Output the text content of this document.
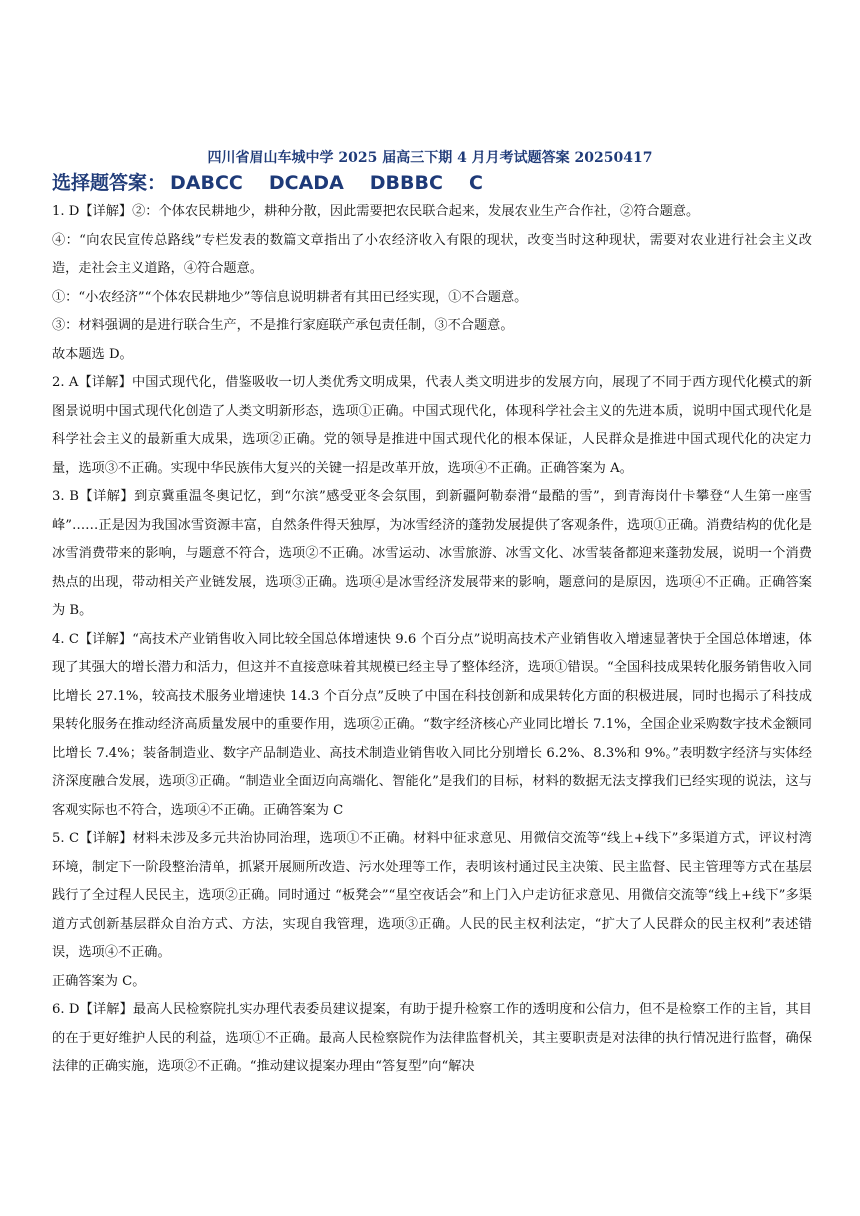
四川省眉山车城中学 2025 届高三下期 4 月月考试题答案 20250417
选择题答案： DABCC DCADA DBBBC C

1. D【详解】②：个体农民耕地少，耕种分散，因此需要把农民联合起来，发展农业生产合作社，②符合题意。

④：“向农民宣传总路线”专栏发表的数篇文章指出了小农经济收入有限的现状，改变当时这种现状，需要对农业进行社会主义改造，走社会主义道路，④符合题意。

①：“小农经济”“个体农民耕地少”等信息说明耕者有其田已经实现，①不合题意。

③：材料强调的是进行联合生产，不是推行家庭联产承包责任制，③不合题意。

故本题选 D。

2. A【详解】中国式现代化，借鉴吸收一切人类优秀文明成果，代表人类文明进步的发展方向，展现了不同于西方现代化模式的新图景说明中国式现代化创造了人类文明新形态，选项①正确。中国式现代化，体现科学社会主义的先进本质，说明中国式现代化是科学社会主义的最新重大成果，选项②正确。党的领导是推进中国式现代化的根本保证，人民群众是推进中国式现代化的决定力量，选项③不正确。实现中华民族伟大复兴的关键一招是改革开放，选项④不正确。正确答案为 A。

3. B【详解】到京冀重温冬奥记忆，到“尔滨”感受亚冬会氛围，到新疆阿勒泰滑“最酷的雪”，到青海岗什卡攀登“人生第一座雪峰”……正是因为我国冰雪资源丰富，自然条件得天独厚，为冰雪经济的蓬勃发展提供了客观条件，选项①正确。消费结构的优化是冰雪消费带来的影响，与题意不符合，选项②不正确。冰雪运动、冰雪旅游、冰雪文化、冰雪装备都迎来蓬勃发展，说明一个消费热点的出现，带动相关产业链发展，选项③正确。选项④是冰雪经济发展带来的影响，题意问的是原因，选项④不正确。正确答案为 B。

4. C【详解】“高技术产业销售收入同比较全国总体增速快 9.6 个百分点”说明高技术产业销售收入增速显著快于全国总体增速，体现了其强大的增长潜力和活力，但这并不直接意味着其规模已经主导了整体经济，选项①错误。“全国科技成果转化服务销售收入同比增长 27.1%，较高技术服务业增速快 14.3 个百分点”反映了中国在科技创新和成果转化方面的积极进展，同时也揭示了科技成果转化服务在推动经济高质量发展中的重要作用，选项②正确。“数字经济核心产业同比增长 7.1%，全国企业采购数字技术金额同比增长 7.4%；装备制造业、数字产品制造业、高技术制造业销售收入同比分别增长 6.2%、8.3%和 9%。”表明数字经济与实体经济深度融合发展，选项③正确。“制造业全面迈向高端化、智能化”是我们的目标，材料的数据无法支撑我们已经实现的说法，这与客观实际也不符合，选项④不正确。正确答案为 C

5. C【详解】材料未涉及多元共治协同治理，选项①不正确。材料中征求意见、用微信交流等“线上+线下”多渠道方式，评议村湾环境，制定下一阶段整治清单，抓紧开展厕所改造、污水处理等工作，表明该村通过民主决策、民主监督、民主管理等方式在基层践行了全过程人民民主，选项②正确。同时通过 “板凳会”“星空夜话会”和上门入户走访征求意见、用微信交流等“线上+线下”多渠道方式创新基层群众自治方式、方法，实现自我管理，选项③正确。人民的民主权利法定，“扩大了人民群众的民主权利”表述错误，选项④不正确。

正确答案为 C。

6. D【详解】最高人民检察院扎实办理代表委员建议提案，有助于提升检察工作的透明度和公信力，但不是检察工作的主旨，其目的在于更好维护人民的利益，选项①不正确。最高人民检察院作为法律监督机关，其主要职责是对法律的执行情况进行监督，确保法律的正确实施，选项②不正确。“推动建议提案办理由“答复型”向“解决
